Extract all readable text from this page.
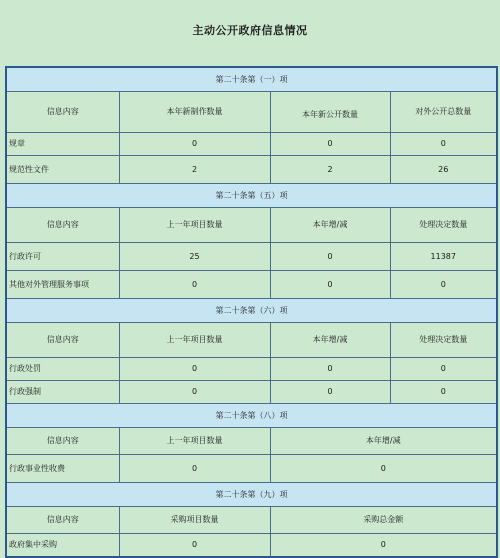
主动公开政府信息情况
第二十条第（一）项			
信息内容	本年新制作数量	本年新公开数量	对外公开总数量
规章	0	0	0
规范性文件	2	2	26
第二十条第（五）项			
信息内容	上一年项目数量	本年增/减	处理决定数量
行政许可	25	0	11387
其他对外管理服务事项	0	0	0
第二十条第（六）项			
信息内容	上一年项目数量	本年增/减	处理决定数量
行政处罚	0	0	0
行政强制	0	0	0
第二十条第（八）项			
信息内容	上一年项目数量	本年增/减	
行政事业性收费	0	0	
第二十条第（九）项			
信息内容	采购项目数量	采购总金额	
政府集中采购	0	0	
